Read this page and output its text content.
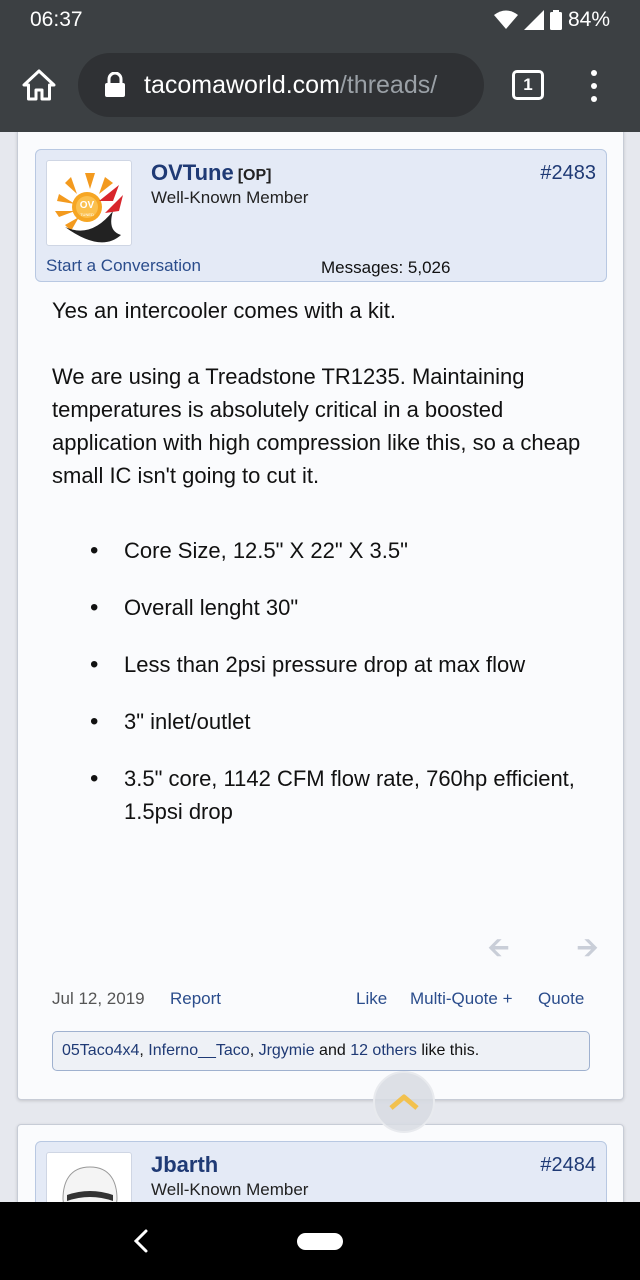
06:37	84%
tacomaworld.com/threads/	1
OV
TUNED
OVTune [OP]
Well-Known Member
#2483
Start a Conversation	Messages: 5,026

Yes an intercooler comes with a kit.

We are using a Treadstone TR1235. Maintaining temperatures is absolutely critical in a boosted application with high compression like this, so a cheap small IC isn't going to cut it.

• Core Size, 12.5" X 22" X 3.5"
• Overall lenght 30"
• Less than 2psi pressure drop at max flow
• 3" inlet/outlet
• 3.5" core, 1142 CFM flow rate, 760hp efficient, 1.5psi drop
🡨	🡪
Jul 12, 2019 Report	Like Multi-Quote + Quote
05Taco4x4, Inferno__Taco, Jrgymie and 12 others like this.
Jbarth
Well-Known Member
#2484
